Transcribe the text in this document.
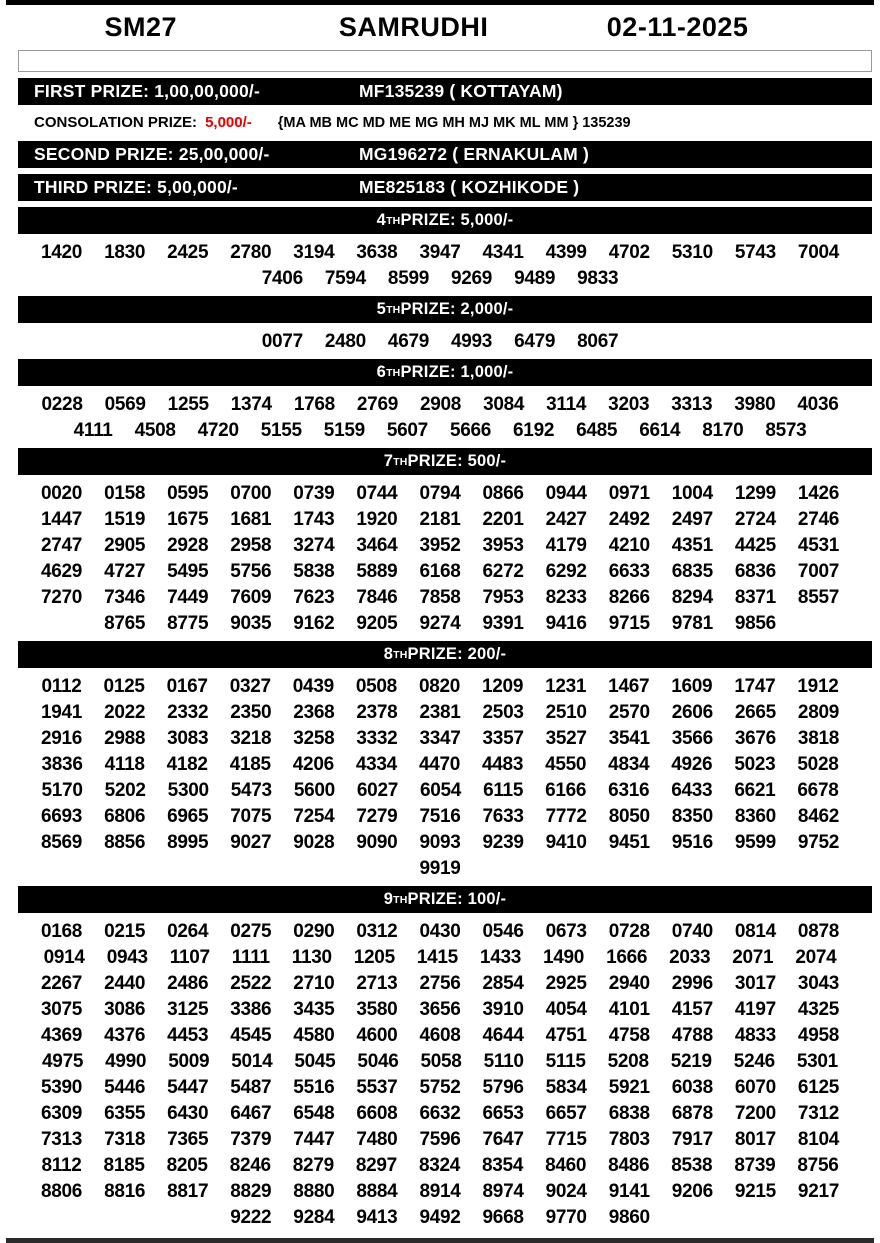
SM27	SAMRUDHI	02-11-2025
FIRST PRIZE: 1,00,00,000/-	MF135239 ( KOTTAYAM)
CONSOLATION PRIZE: 5,000/- {MA MB MC MD ME MG MH MJ MK ML MM } 135239
SECOND PRIZE: 25,00,000/-	MG196272 ( ERNAKULAM )
THIRD PRIZE: 5,00,000/-	ME825183 ( KOZHIKODE )
4 TH PRIZE: 5,000/-
1420 1830 2425 2780 3194 3638 3947 4341 4399 4702 5310 5743 7004
7406 7594 8599 9269 9489 9833
5 TH PRIZE: 2,000/-
0077 2480 4679 4993 6479 8067
6 TH PRIZE: 1,000/-
0228 0569 1255 1374 1768 2769 2908 3084 3114 3203 3313 3980 4036
4111 4508 4720 5155 5159 5607 5666 6192 6485 6614 8170 8573
7 TH PRIZE: 500/-
0020 0158 0595 0700 0739 0744 0794 0866 0944 0971 1004 1299 1426
1447 1519 1675 1681 1743 1920 2181 2201 2427 2492 2497 2724 2746
2747 2905 2928 2958 3274 3464 3952 3953 4179 4210 4351 4425 4531
4629 4727 5495 5756 5838 5889 6168 6272 6292 6633 6835 6836 7007
7270 7346 7449 7609 7623 7846 7858 7953 8233 8266 8294 8371 8557
8765 8775 9035 9162 9205 9274 9391 9416 9715 9781 9856
8 TH PRIZE: 200/-
0112 0125 0167 0327 0439 0508 0820 1209 1231 1467 1609 1747 1912
1941 2022 2332 2350 2368 2378 2381 2503 2510 2570 2606 2665 2809
2916 2988 3083 3218 3258 3332 3347 3357 3527 3541 3566 3676 3818
3836 4118 4182 4185 4206 4334 4470 4483 4550 4834 4926 5023 5028
5170 5202 5300 5473 5600 6027 6054 6115 6166 6316 6433 6621 6678
6693 6806 6965 7075 7254 7279 7516 7633 7772 8050 8350 8360 8462
8569 8856 8995 9027 9028 9090 9093 9239 9410 9451 9516 9599 9752
9919
9 TH PRIZE: 100/-
0168 0215 0264 0275 0290 0312 0430 0546 0673 0728 0740 0814 0878
0914 0943 1107 1111 1130 1205 1415 1433 1490 1666 2033 2071 2074
2267 2440 2486 2522 2710 2713 2756 2854 2925 2940 2996 3017 3043
3075 3086 3125 3386 3435 3580 3656 3910 4054 4101 4157 4197 4325
4369 4376 4453 4545 4580 4600 4608 4644 4751 4758 4788 4833 4958
4975 4990 5009 5014 5045 5046 5058 5110 5115 5208 5219 5246 5301
5390 5446 5447 5487 5516 5537 5752 5796 5834 5921 6038 6070 6125
6309 6355 6430 6467 6548 6608 6632 6653 6657 6838 6878 7200 7312
7313 7318 7365 7379 7447 7480 7596 7647 7715 7803 7917 8017 8104
8112 8185 8205 8246 8279 8297 8324 8354 8460 8486 8538 8739 8756
8806 8816 8817 8829 8880 8884 8914 8974 9024 9141 9206 9215 9217
9222 9284 9413 9492 9668 9770 9860
